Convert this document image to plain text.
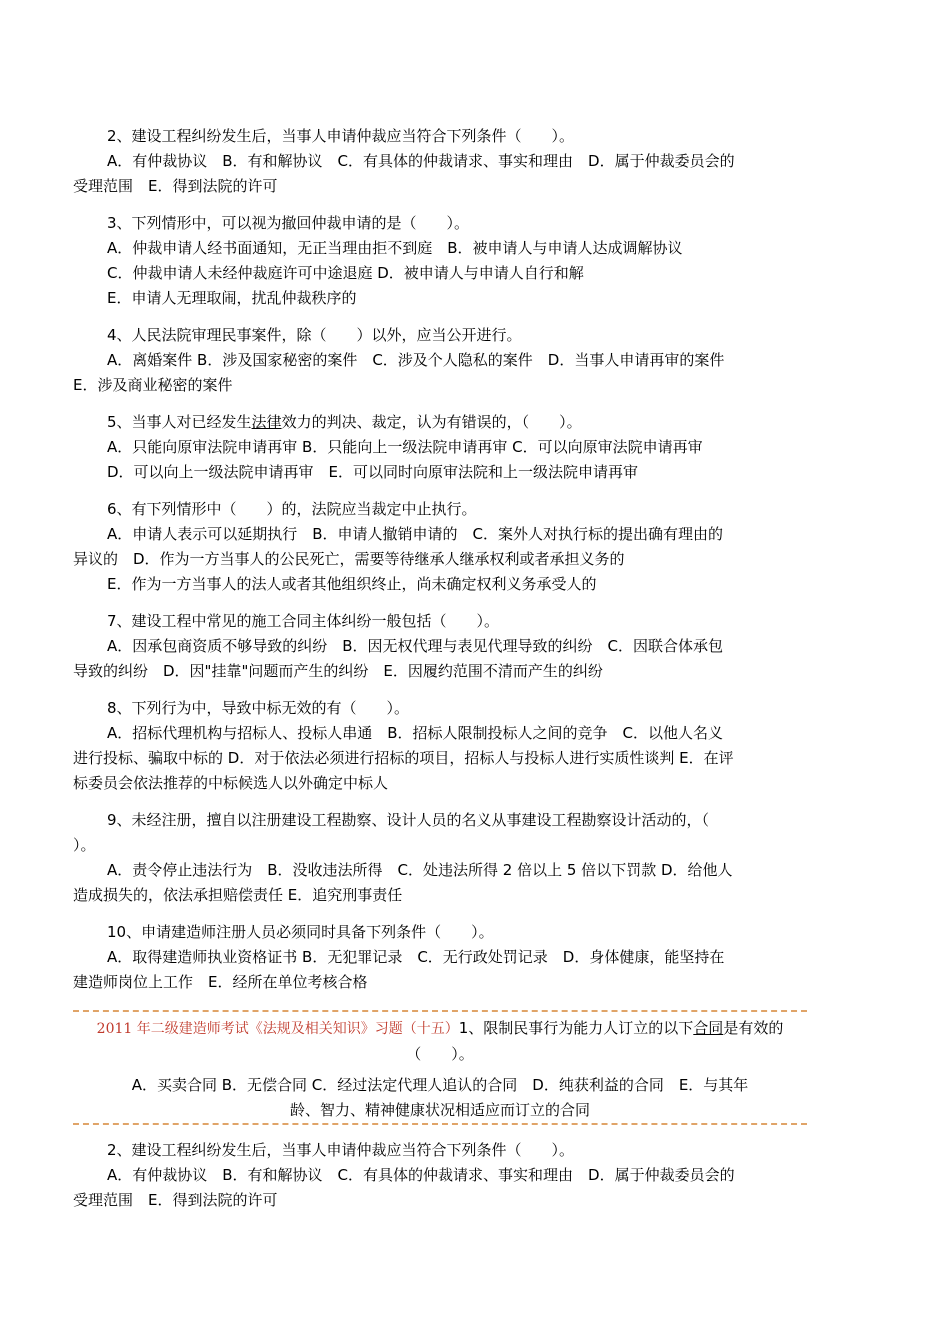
2、建设工程纠纷发生后，当事人申请仲裁应当符合下列条件（　　）。

A．有仲裁协议　B．有和解协议　C．有具体的仲裁请求、事实和理由　D．属于仲裁委员会的

受理范围　E．得到法院的许可

3、下列情形中，可以视为撤回仲裁申请的是（　　）。

A．仲裁申请人经书面通知，无正当理由拒不到庭　B．被申请人与申请人达成调解协议

C．仲裁申请人未经仲裁庭许可中途退庭 D．被申请人与申请人自行和解

E．申请人无理取闹，扰乱仲裁秩序的

4、人民法院审理民事案件，除（　　）以外，应当公开进行。

A．离婚案件 B．涉及国家秘密的案件　C．涉及个人隐私的案件　D．当事人申请再审的案件

E．涉及商业秘密的案件

5、当事人对已经发生法律效力的判决、裁定，认为有错误的，（　　）。

A．只能向原审法院申请再审 B．只能向上一级法院申请再审 C．可以向原审法院申请再审

D．可以向上一级法院申请再审　E．可以同时向原审法院和上一级法院申请再审

6、有下列情形中（　　）的，法院应当裁定中止执行。

A．申请人表示可以延期执行　B．申请人撤销申请的　C．案外人对执行标的提出确有理由的

异议的　D．作为一方当事人的公民死亡，需要等待继承人继承权利或者承担义务的

E．作为一方当事人的法人或者其他组织终止，尚未确定权利义务承受人的

7、建设工程中常见的施工合同主体纠纷一般包括（　　）。

A．因承包商资质不够导致的纠纷　B．因无权代理与表见代理导致的纠纷　C．因联合体承包

导致的纠纷　D．因"挂靠"问题而产生的纠纷　E．因履约范围不清而产生的纠纷

8、下列行为中，导致中标无效的有（　　）。

A．招标代理机构与招标人、投标人串通　B．招标人限制投标人之间的竞争　C．以他人名义

进行投标、骗取中标的 D．对于依法必须进行招标的项目，招标人与投标人进行实质性谈判 E．在评

标委员会依法推荐的中标候选人以外确定中标人

9、未经注册，擅自以注册建设工程勘察、设计人员的名义从事建设工程勘察设计活动的，（

）。

A．责令停止违法行为　B．没收违法所得　C．处违法所得 2 倍以上 5 倍以下罚款 D．给他人

造成损失的，依法承担赔偿责任 E．追究刑事责任

10、申请建造师注册人员必须同时具备下列条件（　　）。

A．取得建造师执业资格证书 B．无犯罪记录　C．无行政处罚记录　D．身体健康，能坚持在

建造师岗位上工作　E．经所在单位考核合格

2011 年二级建造师考试《法规及相关知识》习题（十五）1、限制民事行为能力人订立的以下合同是有效的
（　　）。
A．买卖合同 B．无偿合同 C．经过法定代理人追认的合同　D．纯获利益的合同　E．与其年
龄、智力、精神健康状况相适应而订立的合同

2、建设工程纠纷发生后，当事人申请仲裁应当符合下列条件（　　）。

A．有仲裁协议　B．有和解协议　C．有具体的仲裁请求、事实和理由　D．属于仲裁委员会的

受理范围　E．得到法院的许可
